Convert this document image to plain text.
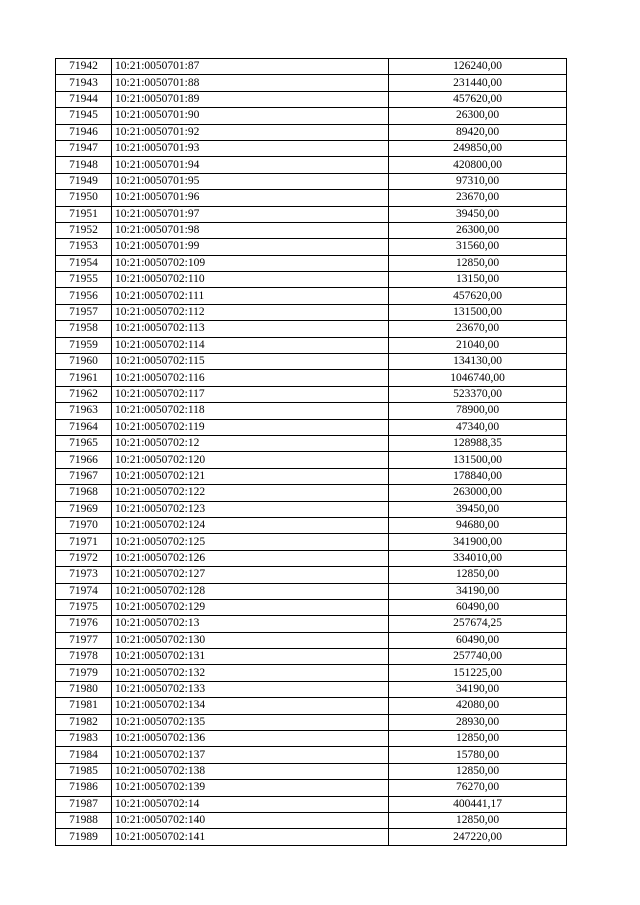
71942	10:21:0050701:87	126240,00
71943	10:21:0050701:88	231440,00
71944	10:21:0050701:89	457620,00
71945	10:21:0050701:90	26300,00
71946	10:21:0050701:92	89420,00
71947	10:21:0050701:93	249850,00
71948	10:21:0050701:94	420800,00
71949	10:21:0050701:95	97310,00
71950	10:21:0050701:96	23670,00
71951	10:21:0050701:97	39450,00
71952	10:21:0050701:98	26300,00
71953	10:21:0050701:99	31560,00
71954	10:21:0050702:109	12850,00
71955	10:21:0050702:110	13150,00
71956	10:21:0050702:111	457620,00
71957	10:21:0050702:112	131500,00
71958	10:21:0050702:113	23670,00
71959	10:21:0050702:114	21040,00
71960	10:21:0050702:115	134130,00
71961	10:21:0050702:116	1046740,00
71962	10:21:0050702:117	523370,00
71963	10:21:0050702:118	78900,00
71964	10:21:0050702:119	47340,00
71965	10:21:0050702:12	128988,35
71966	10:21:0050702:120	131500,00
71967	10:21:0050702:121	178840,00
71968	10:21:0050702:122	263000,00
71969	10:21:0050702:123	39450,00
71970	10:21:0050702:124	94680,00
71971	10:21:0050702:125	341900,00
71972	10:21:0050702:126	334010,00
71973	10:21:0050702:127	12850,00
71974	10:21:0050702:128	34190,00
71975	10:21:0050702:129	60490,00
71976	10:21:0050702:13	257674,25
71977	10:21:0050702:130	60490,00
71978	10:21:0050702:131	257740,00
71979	10:21:0050702:132	151225,00
71980	10:21:0050702:133	34190,00
71981	10:21:0050702:134	42080,00
71982	10:21:0050702:135	28930,00
71983	10:21:0050702:136	12850,00
71984	10:21:0050702:137	15780,00
71985	10:21:0050702:138	12850,00
71986	10:21:0050702:139	76270,00
71987	10:21:0050702:14	400441,17
71988	10:21:0050702:140	12850,00
71989	10:21:0050702:141	247220,00
